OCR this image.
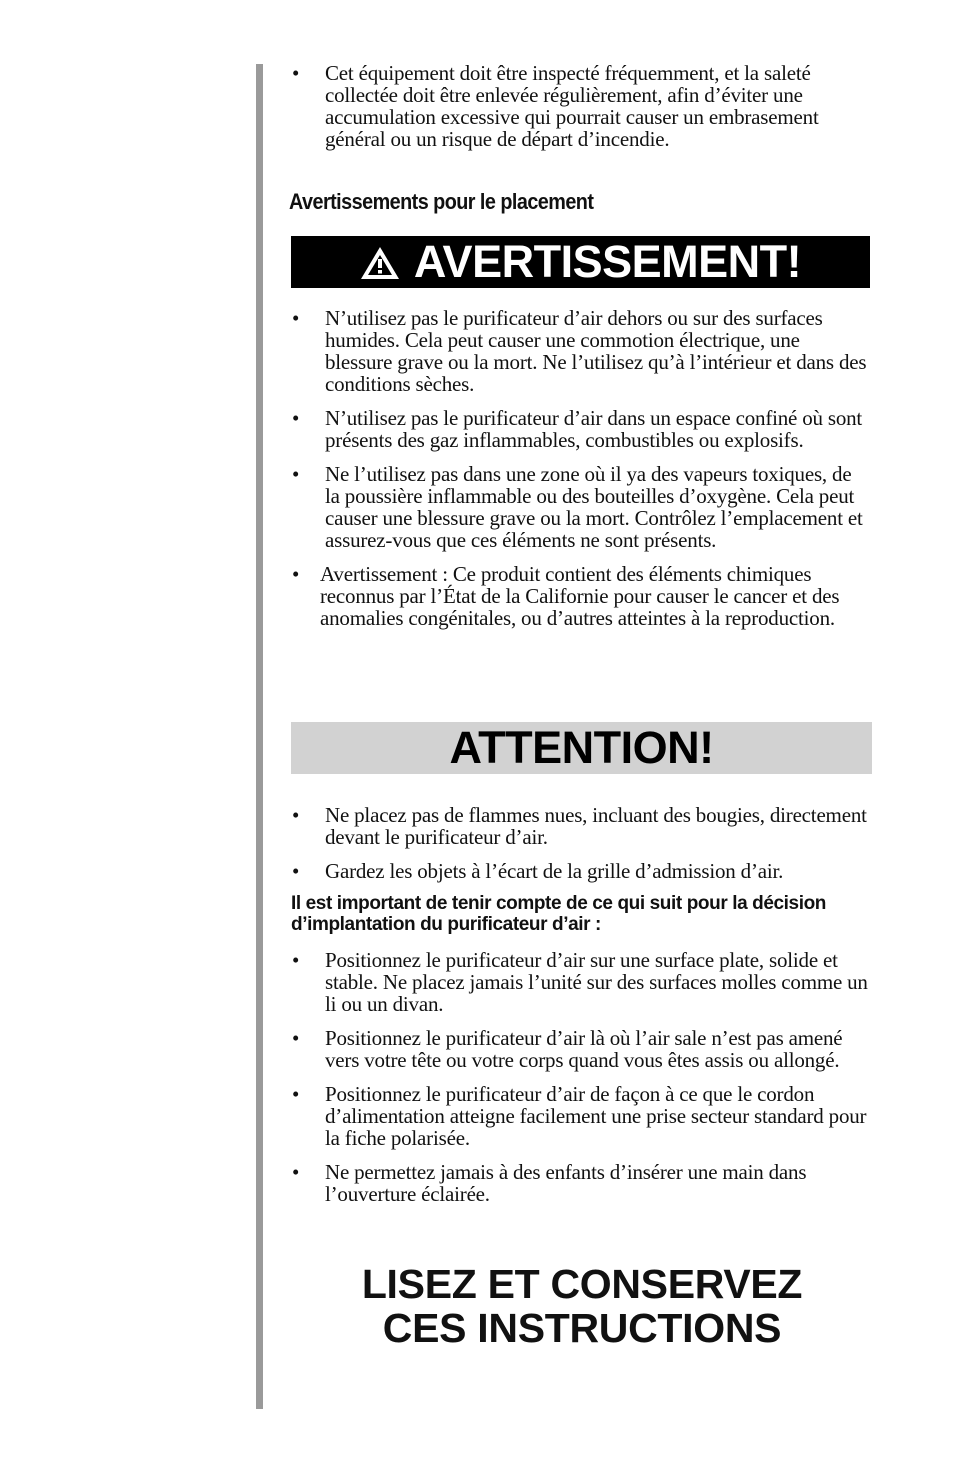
• Cet équipement doit être inspecté fréquemment, et la saleté collectée doit être enlevée régulièrement, afin d’éviter une accumulation excessive qui pourrait causer un embrasement général ou un risque de départ d’incendie.
Avertissements pour le placement
AVERTISSEMENT!
• N’utilisez pas le purificateur d’air dehors ou sur des surfaces humides. Cela peut causer une commotion électrique, une blessure grave ou la mort. Ne l’utilisez qu’à l’intérieur et dans des conditions sèches.
• N’utilisez pas le purificateur d’air dans un espace confiné où sont présents des gaz inflammables, combustibles ou explosifs.
• Ne l’utilisez pas dans une zone où il ya des vapeurs toxiques, de la poussière inflammable ou des bouteilles d’oxygène. Cela peut causer une blessure grave ou la mort. Contrôlez l’emplacement et assurez-vous que ces éléments ne sont présents.
• Avertissement : Ce produit contient des éléments chimiques reconnus par l’État de la Californie pour causer le cancer et des anomalies congénitales, ou d’autres atteintes à la reproduction.
ATTENTION!
• Ne placez pas de flammes nues, incluant des bougies, directement devant le purificateur d’air.
• Gardez les objets à l’écart de la grille d’admission d’air.
Il est important de tenir compte de ce qui suit pour la décision d’implantation du purificateur d’air :
• Positionnez le purificateur d’air sur une surface plate, solide et stable. Ne placez jamais l’unité sur des surfaces molles comme un li ou un divan.
• Positionnez le purificateur d’air là où l’air sale n’est pas amené vers votre tête ou votre corps quand vous êtes assis ou allongé.
• Positionnez le purificateur d’air de façon à ce que le cordon d’alimentation atteigne facilement une prise secteur standard pour la fiche polarisée.
• Ne permettez jamais à des enfants d’insérer une main dans l’ouverture éclairée.
LISEZ ET CONSERVEZ
CES INSTRUCTIONS
